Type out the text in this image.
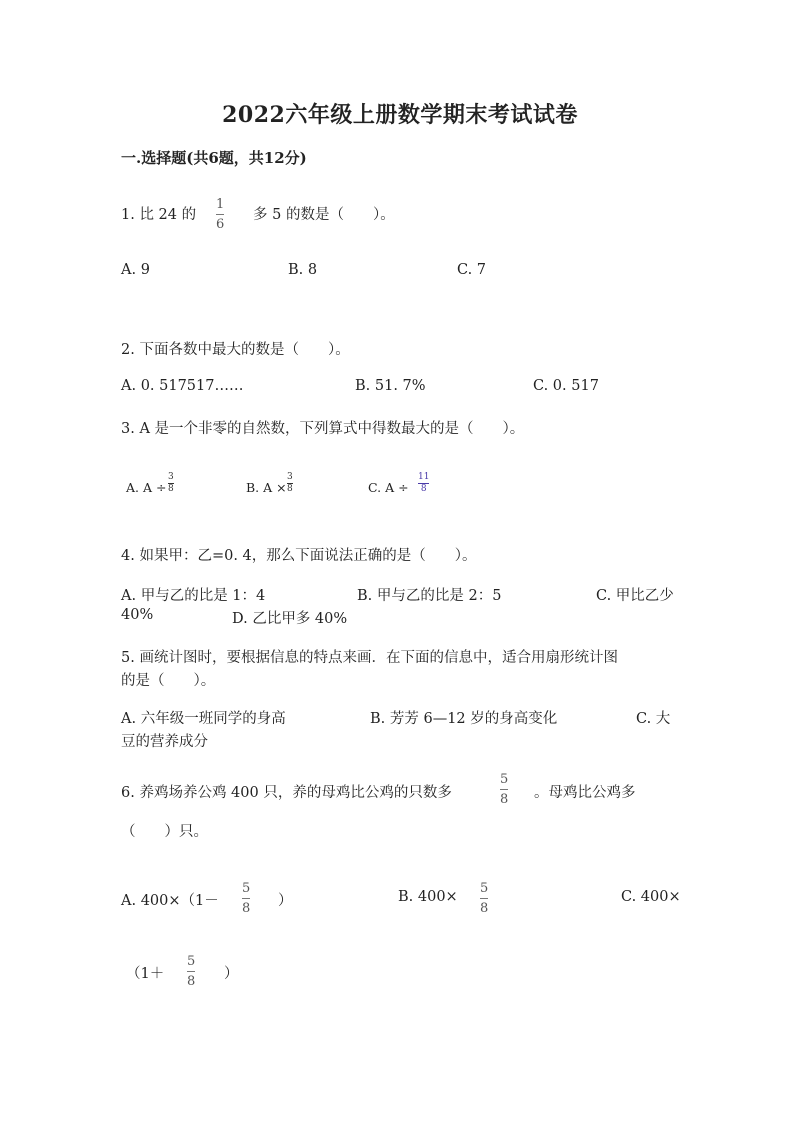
2022六年级上册数学期末考试试卷
一.选择题(共6题，共12分)
1. 比 24 的
1
6
多 5 的数是（　　）。
A. 9	B. 8	C. 7
2. 下面各数中最大的数是（　　）。
A. 0. 517517……	B. 51. 7%	C. 0. 517
3. A 是一个非零的自然数，下列算式中得数最大的是（　　）。
A. A ÷
3
8	B. A ×
3
8	C. A ÷
11
8
4. 如果甲：乙=0. 4，那么下面说法正确的是（　　）。
A. 甲与乙的比是 1：4	B. 甲与乙的比是 2：5	C. 甲比乙少
40%	D. 乙比甲多 40%
5. 画统计图时，要根据信息的特点来画．在下面的信息中，适合用扇形统计图
的是（　　）。
A. 六年级一班同学的身高	B. 芳芳 6—12 岁的身高变化	C. 大
豆的营养成分
6. 养鸡场养公鸡 400 只，养的母鸡比公鸡的只数多
5
8 。母鸡比公鸡多
（　　）只。
A. 400×（1－
5
8 ）	B. 400×
5
8
C. 400×
（1＋
5
8 ）
